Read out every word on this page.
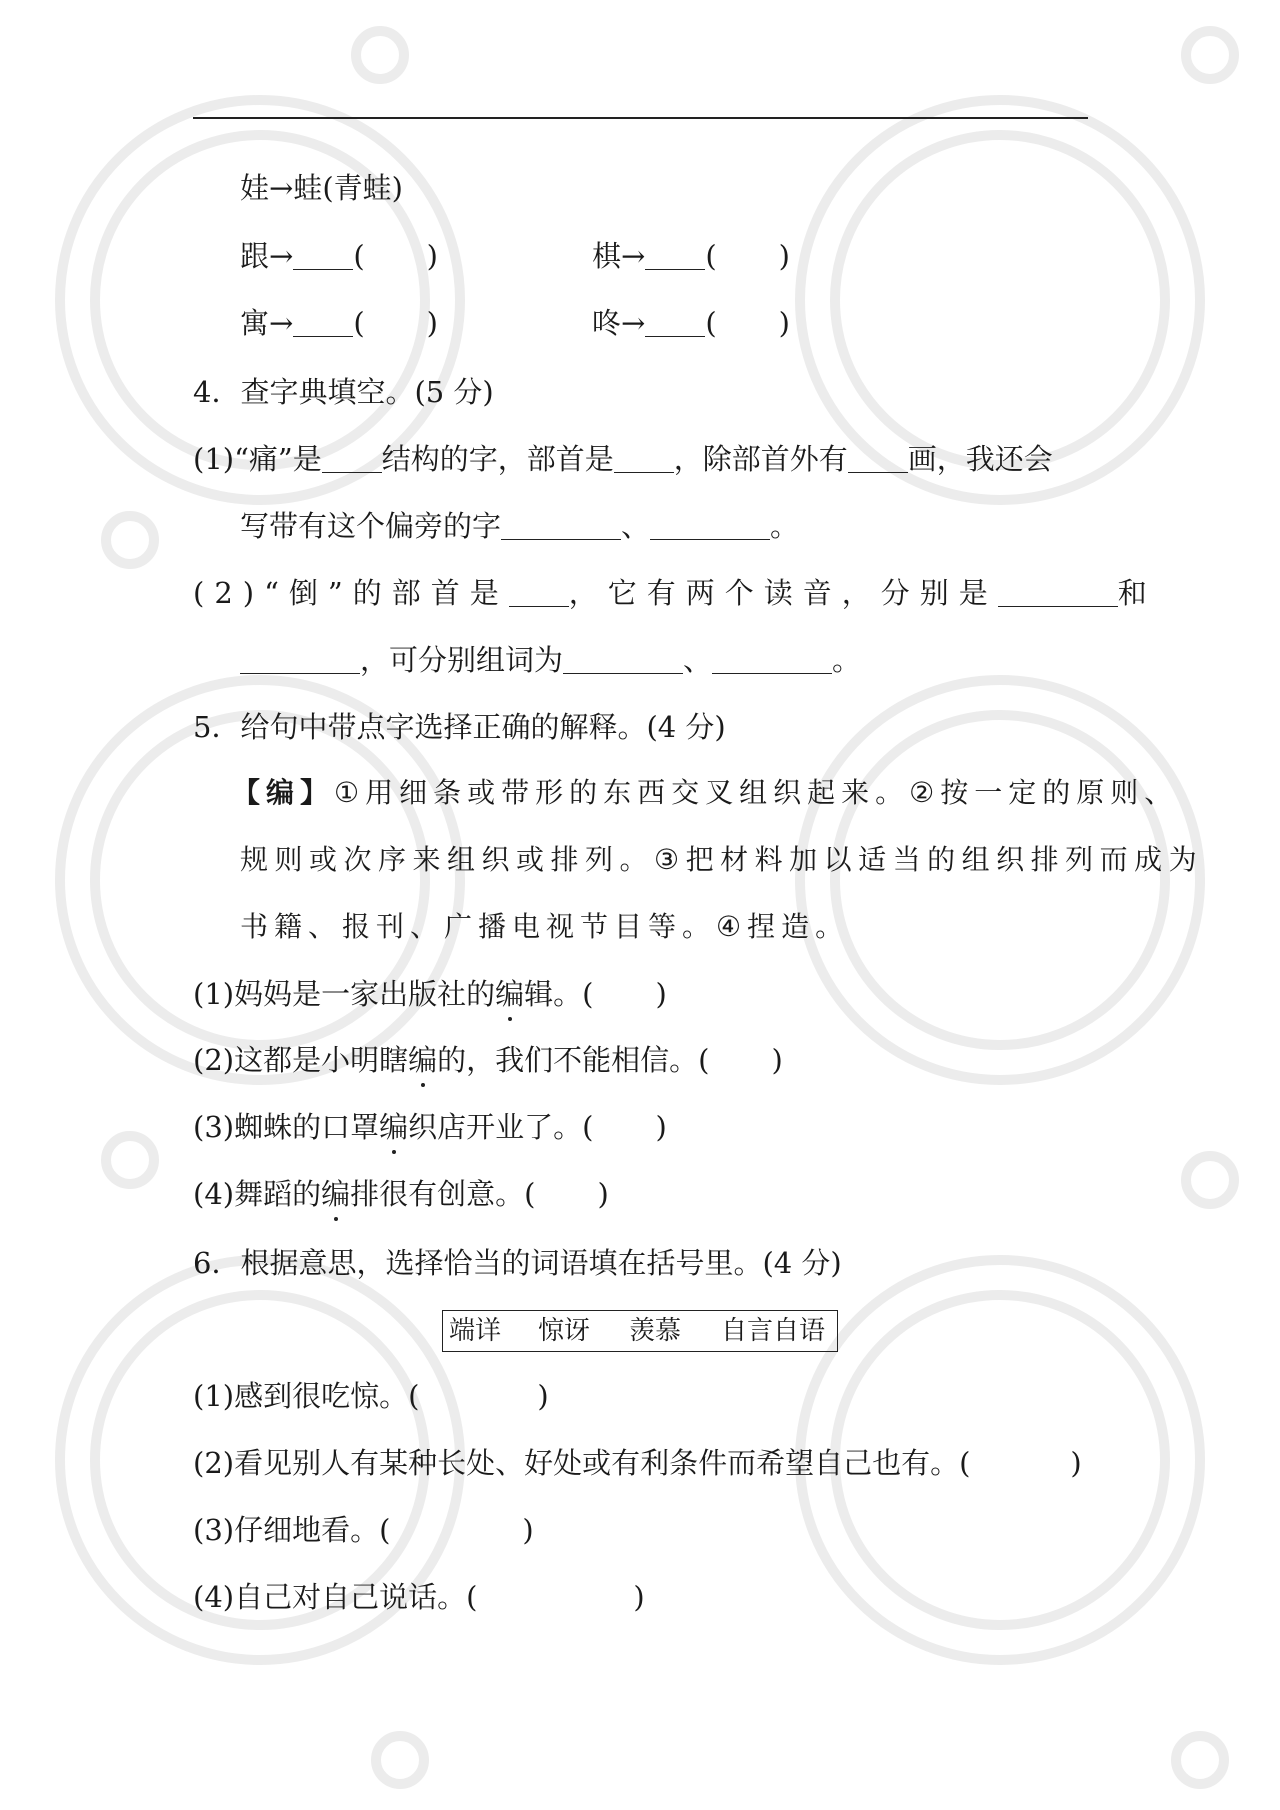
娃→蛙(青蛙)
跟→ ( )	棋→ ( )
寓→ ( )	咚→ ( )
4．查字典填空。(5 分)
(1)“痛”是 结构的字，部首是 ，除部首外有 画，我还会
写带有这个偏旁的字	、	。
(2)“倒”的部首是 ，它有两个读音，分别是	和
，可分别组词为	、	。
5．给句中带点字选择正确的解释。(4 分)
【编】①用细条或带形的东西交叉组织起来。②按一定的原则、
规则或次序来组织或排列。③把材料加以适当的组织排列而成为
书籍、报刊、广播电视节目等。④捏造。
(1)妈妈是一家出版社的编辑。( )
(2)这都是小明瞎编的，我们不能相信。( )
(3)蜘蛛的口罩编织店开业了。( )
(4)舞蹈的编排很有创意。( )
6．根据意思，选择恰当的词语填在括号里。(4 分)
端详 惊讶 羡慕 自言自语
(1)感到很吃惊。(	)
(2)看见别人有某种长处、好处或有利条件而希望自己也有。(	)
(3)仔细地看。(	)
(4)自己对自己说话。(	)
